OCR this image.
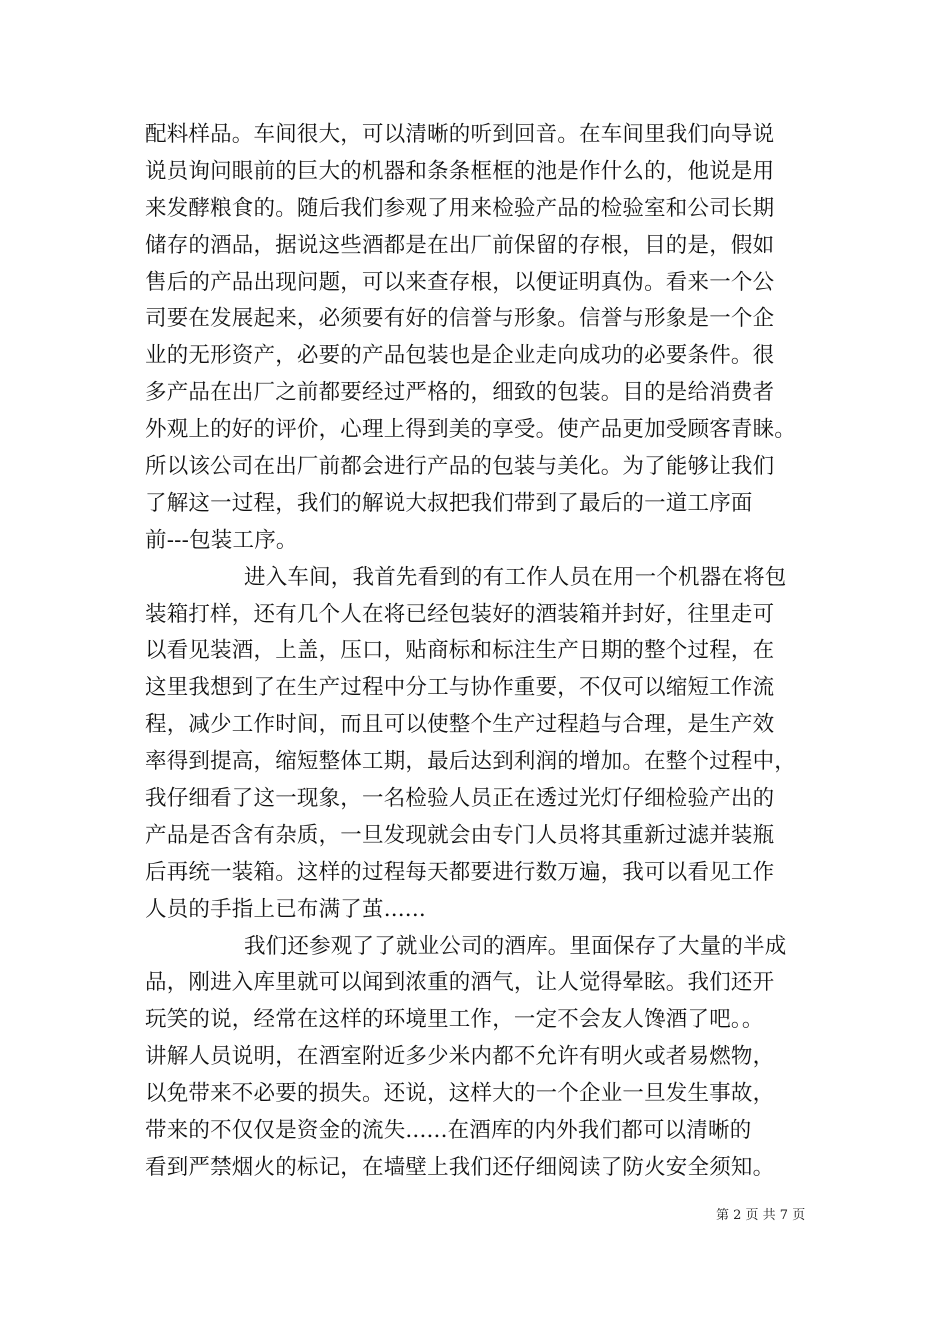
配料样品。车间很大，可以清晰的听到回音。在车间里我们向导说
说员询问眼前的巨大的机器和条条框框的池是作什么的，他说是用
来发酵粮食的。随后我们参观了用来检验产品的检验室和公司长期
储存的酒品，据说这些酒都是在出厂前保留的存根，目的是，假如
售后的产品出现问题，可以来查存根，以便证明真伪。看来一个公
司要在发展起来，必须要有好的信誉与形象。信誉与形象是一个企
业的无形资产，必要的产品包装也是企业走向成功的必要条件。很
多产品在出厂之前都要经过严格的，细致的包装。目的是给消费者
外观上的好的评价，心理上得到美的享受。使产品更加受顾客青睐。
所以该公司在出厂前都会进行产品的包装与美化。为了能够让我们
了解这一过程，我们的解说大叔把我们带到了最后的一道工序面
前---包装工序。
进入车间，我首先看到的有工作人员在用一个机器在将包
装箱打样，还有几个人在将已经包装好的酒装箱并封好，往里走可
以看见装酒，上盖，压口，贴商标和标注生产日期的整个过程，在
这里我想到了在生产过程中分工与协作重要，不仅可以缩短工作流
程，减少工作时间，而且可以使整个生产过程趋与合理，是生产效
率得到提高，缩短整体工期，最后达到利润的增加。在整个过程中，
我仔细看了这一现象，一名检验人员正在透过光灯仔细检验产出的
产品是否含有杂质，一旦发现就会由专门人员将其重新过滤并装瓶
后再统一装箱。这样的过程每天都要进行数万遍，我可以看见工作
人员的手指上已布满了茧......
我们还参观了了就业公司的酒库。里面保存了大量的半成
品，刚进入库里就可以闻到浓重的酒气，让人觉得晕眩。我们还开
玩笑的说，经常在这样的环境里工作，一定不会友人馋酒了吧。。
讲解人员说明，在酒室附近多少米内都不允许有明火或者易燃物，
以免带来不必要的损失。还说，这样大的一个企业一旦发生事故，
带来的不仅仅是资金的流失......在酒库的内外我们都可以清晰的
看到严禁烟火的标记，在墙壁上我们还仔细阅读了防火安全须知。
第 2 页 共 7 页
